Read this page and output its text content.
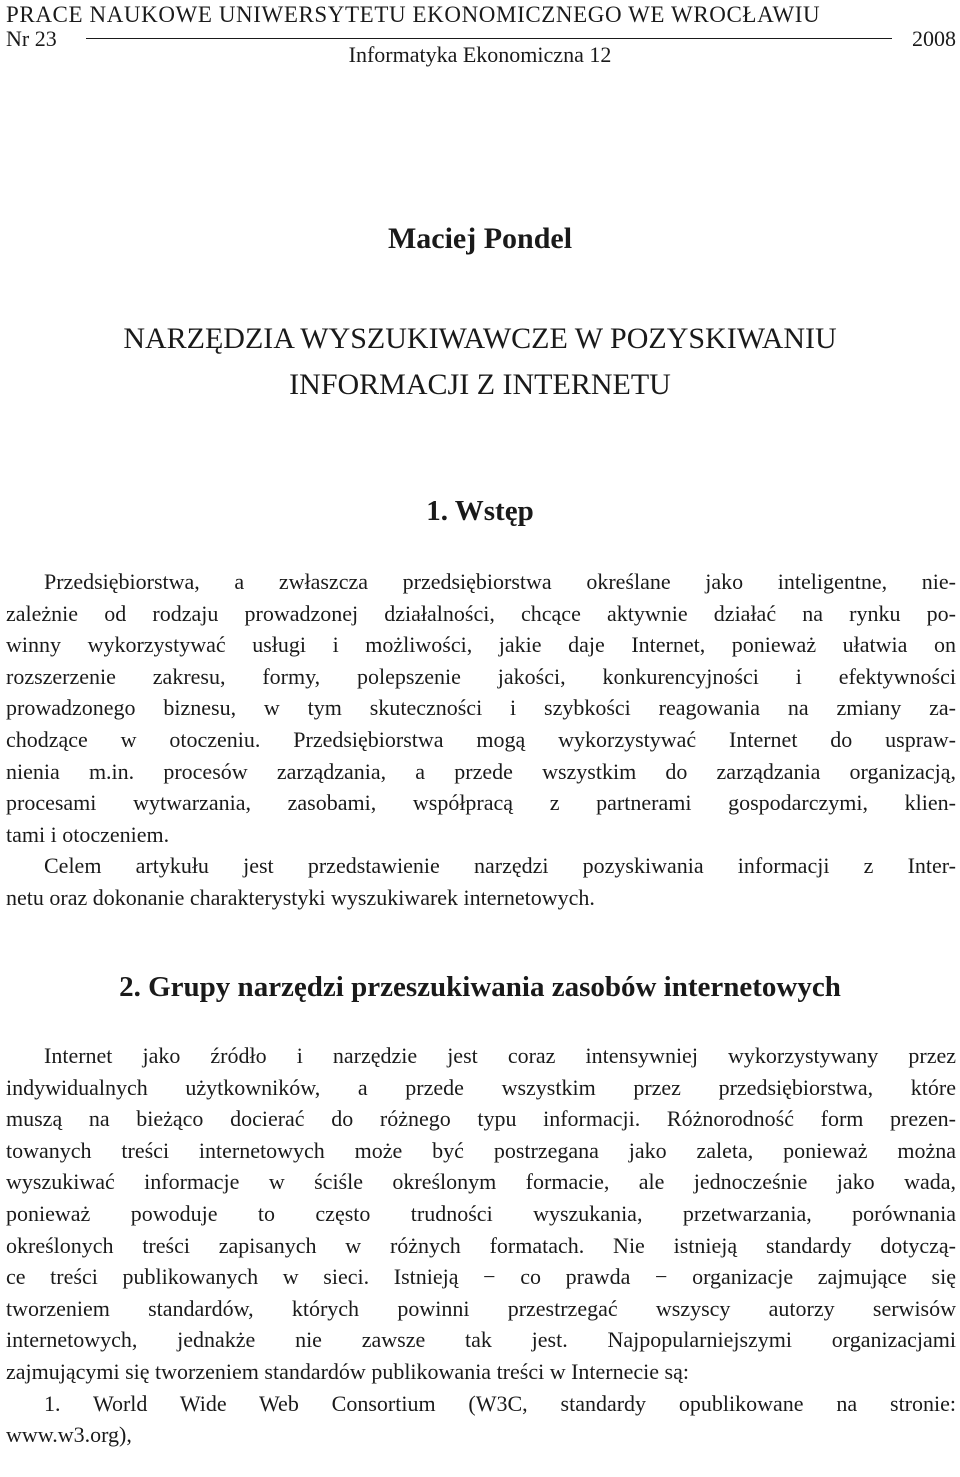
PRACE NAUKOWE UNIWERSYTETU EKONOMICZNEGO WE WROCŁAWIU
Nr 23	2008
Informatyka Ekonomiczna 12
Maciej Pondel
NARZĘDZIA WYSZUKIWAWCZE W POZYSKIWANIU
INFORMACJI Z INTERNETU
1. Wstęp
Przedsiębiorstwa, a zwłaszcza przedsiębiorstwa określane jako inteligentne, nie-
zależnie od rodzaju prowadzonej działalności, chcące aktywnie działać na rynku po-
winny wykorzystywać usługi i możliwości, jakie daje Internet, ponieważ ułatwia on
rozszerzenie zakresu, formy, polepszenie jakości, konkurencyjności i efektywności
prowadzonego biznesu, w tym skuteczności i szybkości reagowania na zmiany za-
chodzące w otoczeniu. Przedsiębiorstwa mogą wykorzystywać Internet do uspraw-
nienia m.in. procesów zarządzania, a przede wszystkim do zarządzania organizacją,
procesami wytwarzania, zasobami, współpracą z partnerami gospodarczymi, klien-
tami i otoczeniem.
Celem artykułu jest przedstawienie narzędzi pozyskiwania informacji z Inter-
netu oraz dokonanie charakterystyki wyszukiwarek internetowych.
2. Grupy narzędzi przeszukiwania zasobów internetowych
Internet jako źródło i narzędzie jest coraz intensywniej wykorzystywany przez
indywidualnych użytkowników, a przede wszystkim przez przedsiębiorstwa, które
muszą na bieżąco docierać do różnego typu informacji. Różnorodność form prezen-
towanych treści internetowych może być postrzegana jako zaleta, ponieważ można
wyszukiwać informacje w ściśle określonym formacie, ale jednocześnie jako wada,
ponieważ powoduje to często trudności wyszukania, przetwarzania, porównania
określonych treści zapisanych w różnych formatach. Nie istnieją standardy dotyczą-
ce treści publikowanych w sieci. Istnieją − co prawda − organizacje zajmujące się
tworzeniem standardów, których powinni przestrzegać wszyscy autorzy serwisów
internetowych, jednakże nie zawsze tak jest. Najpopularniejszymi organizacjami
zajmującymi się tworzeniem standardów publikowania treści w Internecie są:
1. World Wide Web Consortium (W3C, standardy opublikowane na stronie:
www.w3.org),
